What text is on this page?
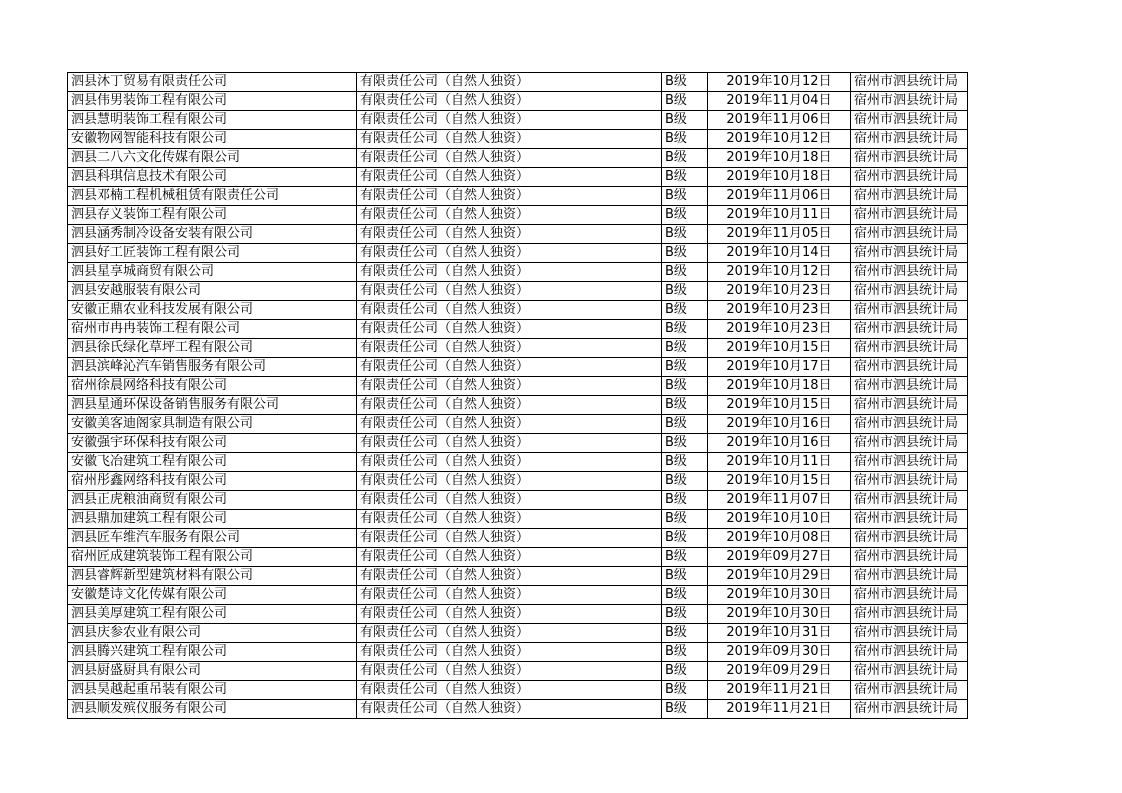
泗县沐丁贸易有限责任公司	有限责任公司（自然人独资）	B级	2019年10月12日	宿州市泗县统计局
泗县伟男装饰工程有限公司	有限责任公司（自然人独资）	B级	2019年11月04日	宿州市泗县统计局
泗县慧明装饰工程有限公司	有限责任公司（自然人独资）	B级	2019年11月06日	宿州市泗县统计局
安徽物网智能科技有限公司	有限责任公司（自然人独资）	B级	2019年10月12日	宿州市泗县统计局
泗县二八六文化传媒有限公司	有限责任公司（自然人独资）	B级	2019年10月18日	宿州市泗县统计局
泗县科琪信息技术有限公司	有限责任公司（自然人独资）	B级	2019年10月18日	宿州市泗县统计局
泗县邓楠工程机械租赁有限责任公司	有限责任公司（自然人独资）	B级	2019年11月06日	宿州市泗县统计局
泗县存义装饰工程有限公司	有限责任公司（自然人独资）	B级	2019年10月11日	宿州市泗县统计局
泗县涵秀制冷设备安装有限公司	有限责任公司（自然人独资）	B级	2019年11月05日	宿州市泗县统计局
泗县好工匠装饰工程有限公司	有限责任公司（自然人独资）	B级	2019年10月14日	宿州市泗县统计局
泗县星享城商贸有限公司	有限责任公司（自然人独资）	B级	2019年10月12日	宿州市泗县统计局
泗县安越服装有限公司	有限责任公司（自然人独资）	B级	2019年10月23日	宿州市泗县统计局
安徽正鼎农业科技发展有限公司	有限责任公司（自然人独资）	B级	2019年10月23日	宿州市泗县统计局
宿州市冉冉装饰工程有限公司	有限责任公司（自然人独资）	B级	2019年10月23日	宿州市泗县统计局
泗县徐氏绿化草坪工程有限公司	有限责任公司（自然人独资）	B级	2019年10月15日	宿州市泗县统计局
泗县滨峰沁汽车销售服务有限公司	有限责任公司（自然人独资）	B级	2019年10月17日	宿州市泗县统计局
宿州徐晨网络科技有限公司	有限责任公司（自然人独资）	B级	2019年10月18日	宿州市泗县统计局
泗县星通环保设备销售服务有限公司	有限责任公司（自然人独资）	B级	2019年10月15日	宿州市泗县统计局
安徽美客迪阁家具制造有限公司	有限责任公司（自然人独资）	B级	2019年10月16日	宿州市泗县统计局
安徽强宇环保科技有限公司	有限责任公司（自然人独资）	B级	2019年10月16日	宿州市泗县统计局
安徽飞冶建筑工程有限公司	有限责任公司（自然人独资）	B级	2019年10月11日	宿州市泗县统计局
宿州彤鑫网络科技有限公司	有限责任公司（自然人独资）	B级	2019年10月15日	宿州市泗县统计局
泗县正虎粮油商贸有限公司	有限责任公司（自然人独资）	B级	2019年11月07日	宿州市泗县统计局
泗县鼎加建筑工程有限公司	有限责任公司（自然人独资）	B级	2019年10月10日	宿州市泗县统计局
泗县匠车维汽车服务有限公司	有限责任公司（自然人独资）	B级	2019年10月08日	宿州市泗县统计局
宿州匠成建筑装饰工程有限公司	有限责任公司（自然人独资）	B级	2019年09月27日	宿州市泗县统计局
泗县睿辉新型建筑材料有限公司	有限责任公司（自然人独资）	B级	2019年10月29日	宿州市泗县统计局
安徽楚诗文化传媒有限公司	有限责任公司（自然人独资）	B级	2019年10月30日	宿州市泗县统计局
泗县美厚建筑工程有限公司	有限责任公司（自然人独资）	B级	2019年10月30日	宿州市泗县统计局
泗县庆参农业有限公司	有限责任公司（自然人独资）	B级	2019年10月31日	宿州市泗县统计局
泗县腾兴建筑工程有限公司	有限责任公司（自然人独资）	B级	2019年09月30日	宿州市泗县统计局
泗县厨盛厨具有限公司	有限责任公司（自然人独资）	B级	2019年09月29日	宿州市泗县统计局
泗县昊越起重吊装有限公司	有限责任公司（自然人独资）	B级	2019年11月21日	宿州市泗县统计局
泗县顺发殡仪服务有限公司	有限责任公司（自然人独资）	B级	2019年11月21日	宿州市泗县统计局
